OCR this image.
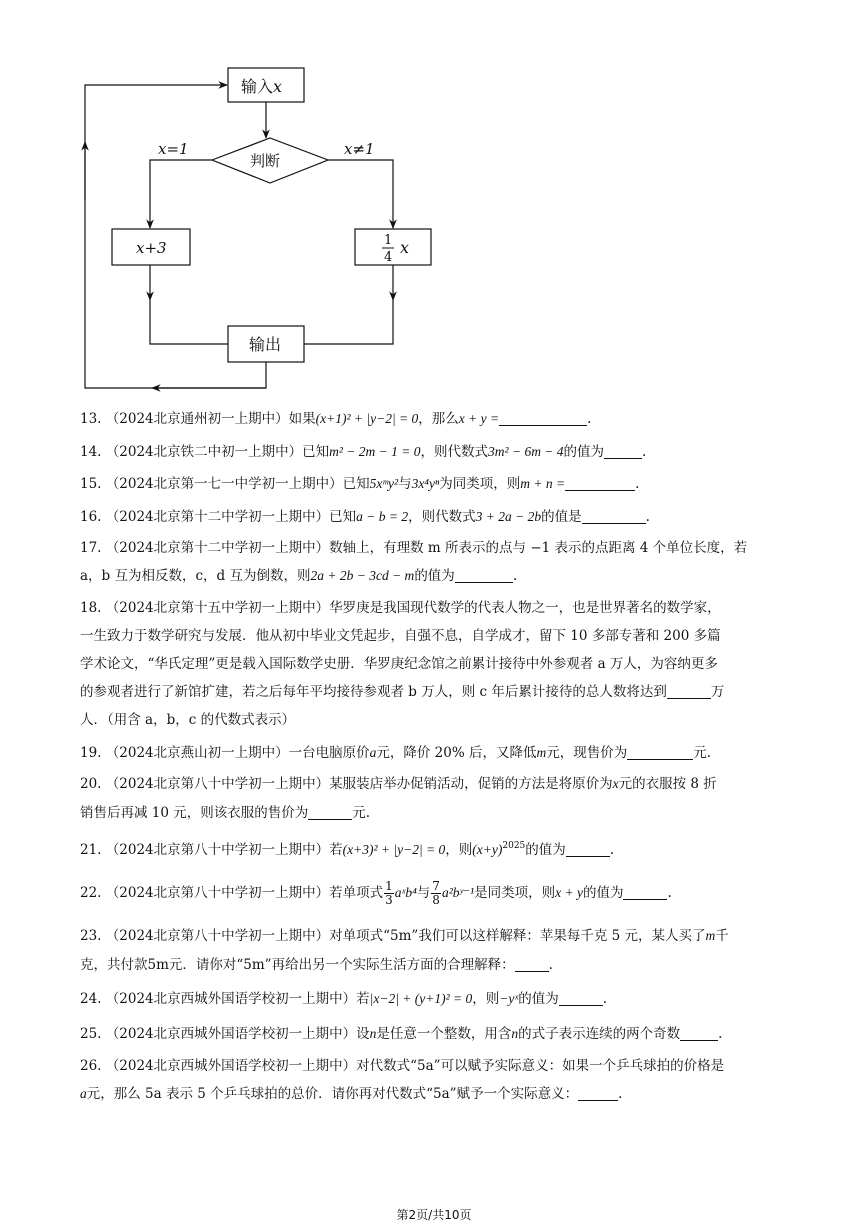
输入x
判断
x=1	x≠1
x+3	1
4
x
输出
13. （2024北京通州初一上期中）如果(x+1)² + |y−2| = 0，那么x + y =	.
14. （2024北京铁二中初一上期中）已知m² − 2m − 1 = 0，则代数式3m² − 6m − 4的值为	.
15. （2024北京第一七一中学初一上期中）已知5xᵐy²与3x⁴yⁿ为同类项，则m + n =	.
16. （2024北京第十二中学初一上期中）已知a − b = 2，则代数式3 + 2a − 2b的值是	.
17. （2024北京第十二中学初一上期中）数轴上，有理数 m 所表示的点与 −1 表示的点距离 4 个单位长度，若
a，b 互为相反数，c，d 互为倒数，则2a + 2b − 3cd − m的值为	.
18. （2024北京第十五中学初一上期中）华罗庚是我国现代数学的代表人物之一，也是世界著名的数学家，
一生致力于数学研究与发展．他从初中毕业文凭起步，自强不息，自学成才，留下 10 多部专著和 200 多篇
学术论文，“华氏定理”更是载入国际数学史册．华罗庚纪念馆之前累计接待中外参观者 a 万人，为容纳更多
的参观者进行了新馆扩建，若之后每年平均接待参观者 b 万人，则 c 年后累计接待的总人数将达到	万
人．（用含 a，b，c 的代数式表示）
19. （2024北京燕山初一上期中）一台电脑原价a元，降价 20% 后，又降低m元，现售价为	元.
20. （2024北京第八十中学初一上期中）某服装店举办促销活动，促销的方法是将原价为x元的衣服按 8 折
销售后再减 10 元，则该衣服的售价为	元.
21. （2024北京第八十中学初一上期中）若(x+3)² + |y−2| = 0，则$(x+y)^{2025}$的值为	.
22. （2024北京第八十中学初一上期中）若单项式 $\frac{1}{3}$ aˣb⁴与 $\frac{7}{8}$ a²bʸ⁻¹是同类项，则x + y的值为	.
23. （2024北京第八十中学初一上期中）对单项式“5m”我们可以这样解释：苹果每千克 5 元，某人买了m千
克，共付款5m元．请你对“5m”再给出另一个实际生活方面的合理解释：	.
24. （2024北京西城外国语学校初一上期中）若|x−2| + (y+1)² = 0，则−yˣ的值为	.
25. （2024北京西城外国语学校初一上期中）设n是任意一个整数，用含n的式子表示连续的两个奇数	.
26. （2024北京西城外国语学校初一上期中）对代数式“5a”可以赋予实际意义：如果一个乒乓球拍的价格是
a元，那么 5a 表示 5 个乒乓球拍的总价．请你再对代数式“5a”赋予一个实际意义：	.
第2页/共10页
